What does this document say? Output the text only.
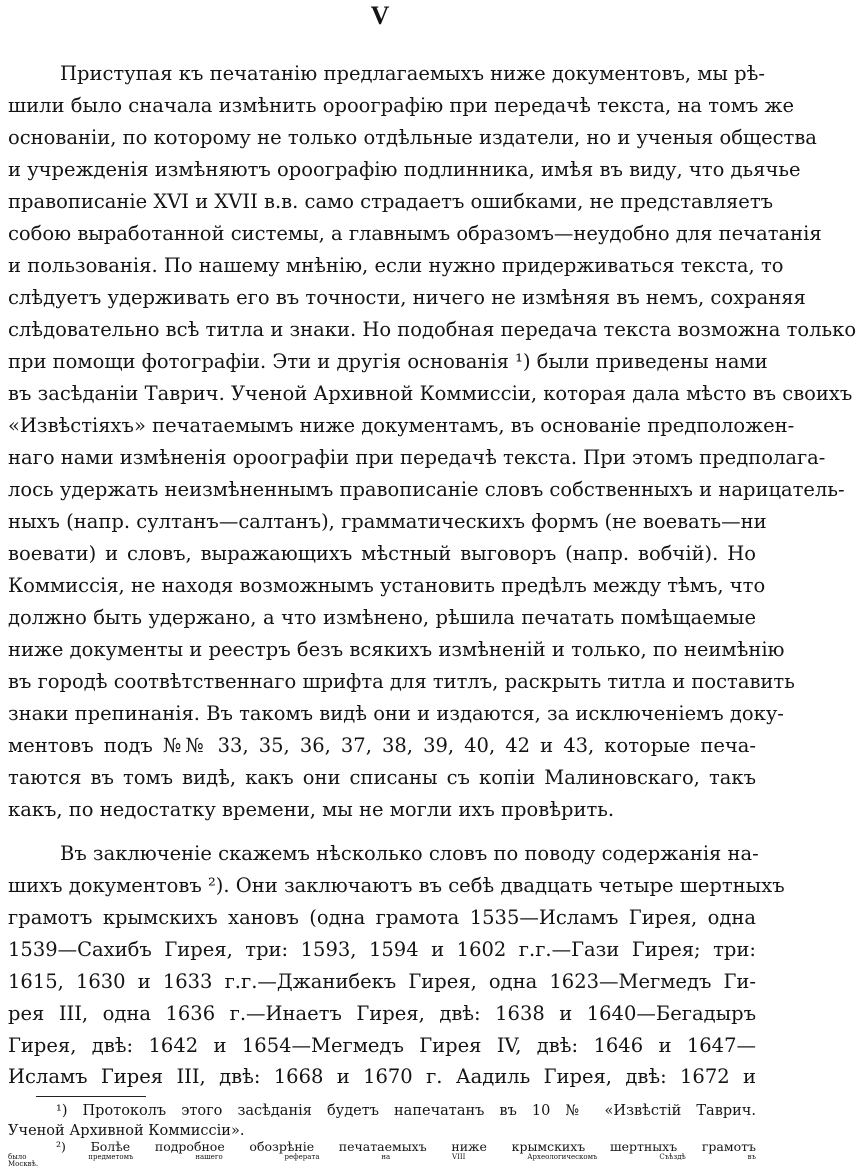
V
Приступая къ печатанію предлагаемыхъ ниже документовъ, мы рѣ-
шили было сначала измѣнить ороографію при передачѣ текста, на томъ же
основаніи, по которому не только отдѣльные издатели, но и ученыя общества
и учрежденія измѣняютъ ороографію подлинника, имѣя въ виду, что дьячье
правописаніе XVI и XVII в.в. само страдаетъ ошибками, не представляетъ
собою выработанной системы, а главнымъ образомъ—неудобно для печатанія
и пользованія. По нашему мнѣнію, если нужно придерживаться текста, то
слѣдуетъ удерживать его въ точности, ничего не измѣняя въ немъ, сохраняя
слѣдовательно всѣ титла и знаки. Но подобная передача текста возможна только
при помощи фотографіи. Эти и другія основанія ¹) были приведены нами
въ засѣданіи Таврич. Ученой Архивной Коммиссіи, которая дала мѣсто въ своихъ
«Извѣстіяхъ» печатаемымъ ниже документамъ, въ основаніе предположен-
наго нами измѣненія ороографіи при передачѣ текста. При этомъ предполага-
лось удержать неизмѣненнымъ правописаніе словъ собственныхъ и нарицатель-
ныхъ (напр. султанъ—салтанъ), грамматическихъ формъ (не воевать—ни
воевати) и словъ, выражающихъ мѣстный выговоръ (напр. вобчій). Но
Коммиссія, не находя возможнымъ установить предѣлъ между тѣмъ, что
должно быть удержано, а что измѣнено, рѣшила печатать помѣщаемые
ниже документы и реестръ безъ всякихъ измѣненій и только, по неимѣнію
въ городѣ соотвѣтственнаго шрифта для титлъ, раскрыть титла и поставить
знаки препинанія. Въ такомъ видѣ они и издаются, за исключеніемъ доку-
ментовъ подъ №№ 33, 35, 36, 37, 38, 39, 40, 42 и 43, которые печа-
таются въ томъ видѣ, какъ они списаны съ копіи Малиновскаго, такъ
какъ, по недостатку времени, мы не могли ихъ провѣрить.
Въ заключеніе скажемъ нѣсколько словъ по поводу содержанія на-
шихъ документовъ ²). Они заключаютъ въ себѣ двадцать четыре шертныхъ
грамотъ крымскихъ хановъ (одна грамота 1535—Исламъ Гирея, одна
1539—Сахибъ Гирея, три: 1593, 1594 и 1602 г.г.—Гази Гирея; три:
1615, 1630 и 1633 г.г.—Джанибекъ Гирея, одна 1623—Мегмедъ Ги-
рея III, одна 1636 г.—Инаетъ Гирея, двѣ: 1638 и 1640—Бегадыръ
Гирея, двѣ: 1642 и 1654—Мегмедъ Гирея IV, двѣ: 1646 и 1647—
Исламъ Гирея III, двѣ: 1668 и 1670 г. Аадиль Гирея, двѣ: 1672 и
¹) Протоколъ этого засѣданія будетъ напечатанъ въ 10 № «Извѣстій Таврич.
Ученой Архивной Коммиссіи».
²) Болѣе подробное обозрѣніе печатаемыхъ ниже крымскихъ шертныхъ грамотъ
было предметомъ нашего реферата на VIII Археологическомъ Съѣздѣ въ
Москвѣ.
